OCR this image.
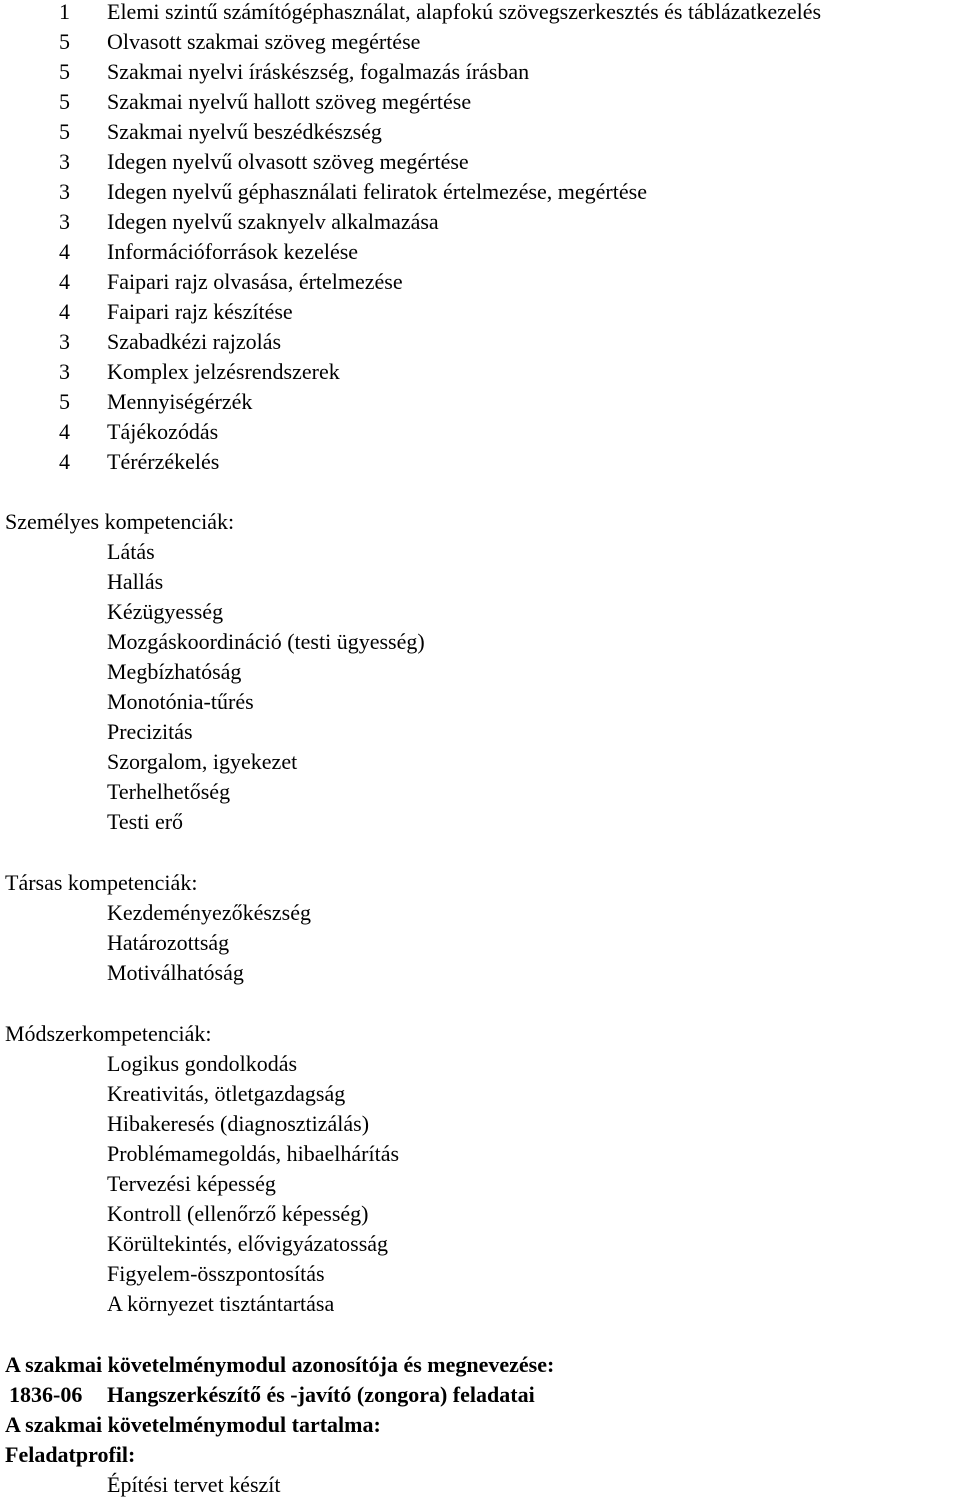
1	Elemi szintű számítógéphasználat, alapfokú szövegszerkesztés és táblázatkezelés
5	Olvasott szakmai szöveg megértése
5	Szakmai nyelvi íráskészség, fogalmazás írásban
5	Szakmai nyelvű hallott szöveg megértése
5	Szakmai nyelvű beszédkészség
3	Idegen nyelvű olvasott szöveg megértése
3	Idegen nyelvű géphasználati feliratok értelmezése, megértése
3	Idegen nyelvű szaknyelv alkalmazása
4	Információforrások kezelése
4	Faipari rajz olvasása, értelmezése
4	Faipari rajz készítése
3	Szabadkézi rajzolás
3	Komplex jelzésrendszerek
5	Mennyiségérzék
4	Tájékozódás
4	Térérzékelés
Személyes kompetenciák:
Látás
Hallás
Kézügyesség
Mozgáskoordináció (testi ügyesség)
Megbízhatóság
Monotónia-tűrés
Precizitás
Szorgalom, igyekezet
Terhelhetőség
Testi erő
Társas kompetenciák:
Kezdeményezőkészség
Határozottság
Motiválhatóság
Módszerkompetenciák:
Logikus gondolkodás
Kreativitás, ötletgazdagság
Hibakeresés (diagnosztizálás)
Problémamegoldás, hibaelhárítás
Tervezési képesség
Kontroll (ellenőrző képesség)
Körültekintés, elővigyázatosság
Figyelem-összpontosítás
A környezet tisztántartása
A szakmai követelménymodul azonosítója és megnevezése:
1836-06 Hangszerkészítő és -javító (zongora) feladatai
A szakmai követelménymodul tartalma:
Feladatprofil:
Építési tervet készít
